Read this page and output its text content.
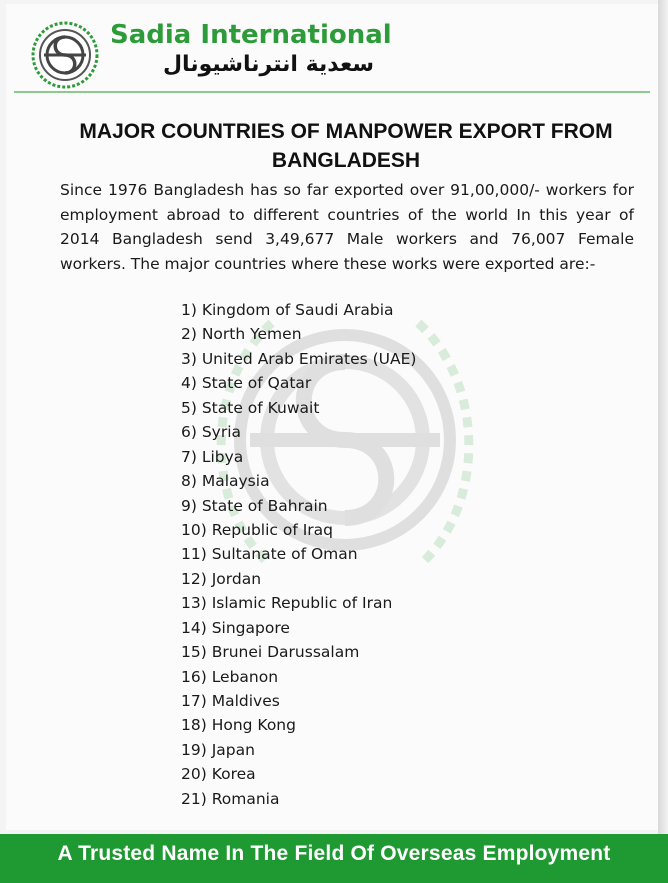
Sadia International
سعدية انترناشيونال
MAJOR COUNTRIES OF MANPOWER EXPORT FROM BANGLADESH
Since 1976 Bangladesh has so far exported over 91,00,000/- workers for employment abroad to different countries of the world In this year of 2014 Bangladesh send 3,49,677 Male workers and 76,007 Female workers. The major countries where these works were exported are:-
1) Kingdom of Saudi Arabia
2) North Yemen
3) United Arab Emirates (UAE)
4) State of Qatar
5) State of Kuwait
6) Syria
7) Libya
8) Malaysia
9) State of Bahrain
10) Republic of Iraq
11) Sultanate of Oman
12) Jordan
13) Islamic Republic of Iran
14) Singapore
15) Brunei Darussalam
16) Lebanon
17) Maldives
18) Hong Kong
19) Japan
20) Korea
21) Romania
A Trusted Name In The Field Of Overseas Employment
